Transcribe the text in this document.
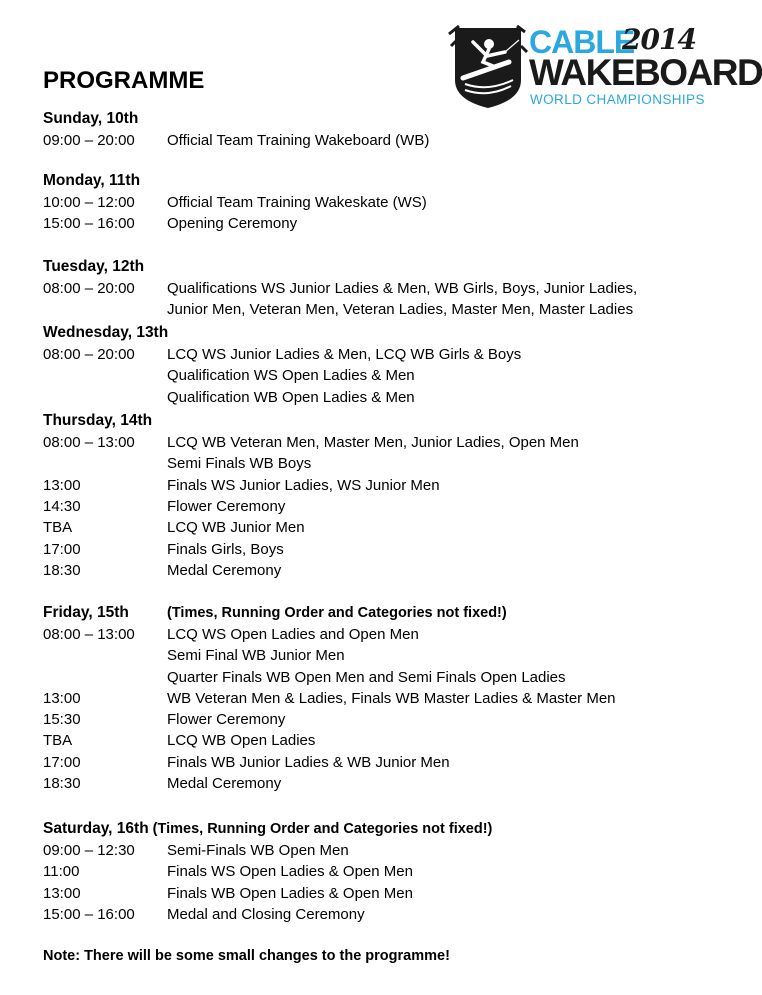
CABLE
2014
WAKEBOARD
WORLD CHAMPIONSHIPS
PROGRAMME
Sunday, 10th
09:00 – 20:00 Official Team Training Wakeboard (WB)
Monday, 11th
10:00 – 12:00 Official Team Training Wakeskate (WS)
15:00 – 16:00 Opening Ceremony
Tuesday, 12th
08:00 – 20:00 Qualifications WS Junior Ladies & Men, WB Girls, Boys, Junior Ladies,
Junior Men, Veteran Men, Veteran Ladies, Master Men, Master Ladies
Wednesday, 13th
08:00 – 20:00 LCQ WS Junior Ladies & Men, LCQ WB Girls & Boys
Qualification WS Open Ladies & Men
Qualification WB Open Ladies & Men
Thursday, 14th
08:00 – 13:00 LCQ WB Veteran Men, Master Men, Junior Ladies, Open Men
Semi Finals WB Boys
13:00	Finals WS Junior Ladies, WS Junior Men
14:30	Flower Ceremony
TBA	LCQ WB Junior Men
17:00	Finals Girls, Boys
18:30	Medal Ceremony
Friday, 15th	(Times, Running Order and Categories not fixed!)
08:00 – 13:00 LCQ WS Open Ladies and Open Men
Semi Final WB Junior Men
Quarter Finals WB Open Men and Semi Finals Open Ladies
13:00	WB Veteran Men & Ladies, Finals WB Master Ladies & Master Men
15:30	Flower Ceremony
TBA	LCQ WB Open Ladies
17:00	Finals WB Junior Ladies & WB Junior Men
18:30	Medal Ceremony
Saturday, 16th (Times, Running Order and Categories not fixed!)
09:00 – 12:30 Semi-Finals WB Open Men
11:00	Finals WS Open Ladies & Open Men
13:00	Finals WB Open Ladies & Open Men
15:00 – 16:00 Medal and Closing Ceremony
Note: There will be some small changes to the programme!
